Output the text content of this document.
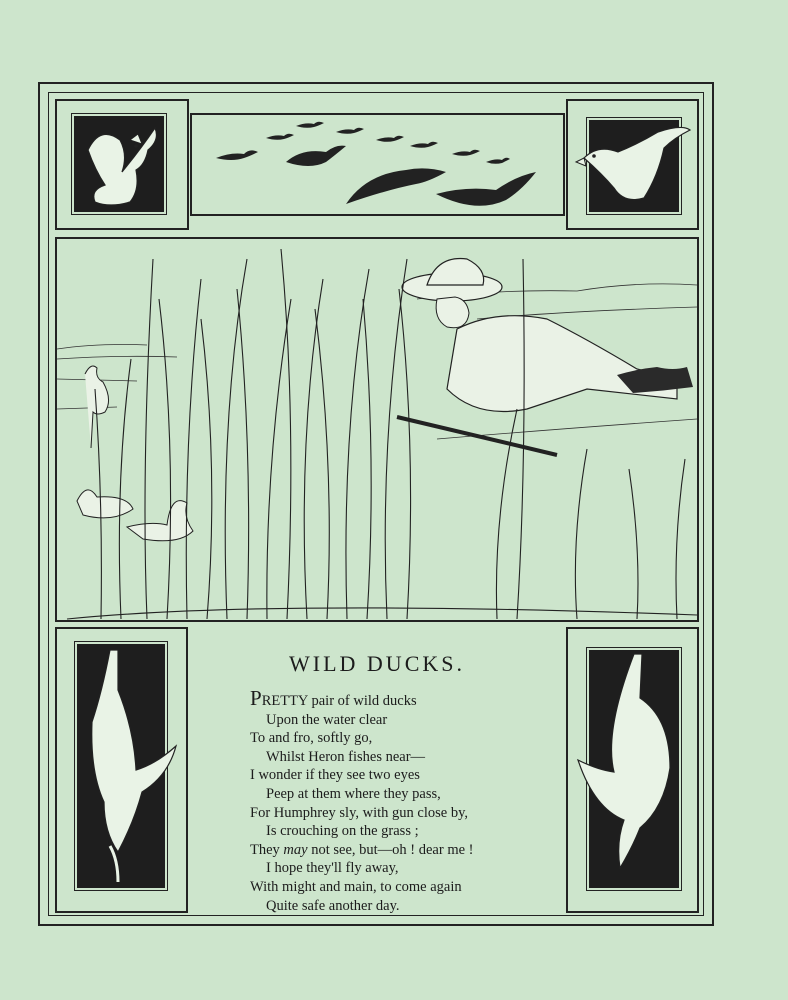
WILD DUCKS.
PRETTY pair of wild ducks
Upon the water clear
To and fro, softly go,
Whilst Heron fishes near—
I wonder if they see two eyes
Peep at them where they pass,
For Humphrey sly, with gun close by,
Is crouching on the grass ;
They may not see, but—oh ! dear me !
I hope they'll fly away,
With might and main, to come again
Quite safe another day.
